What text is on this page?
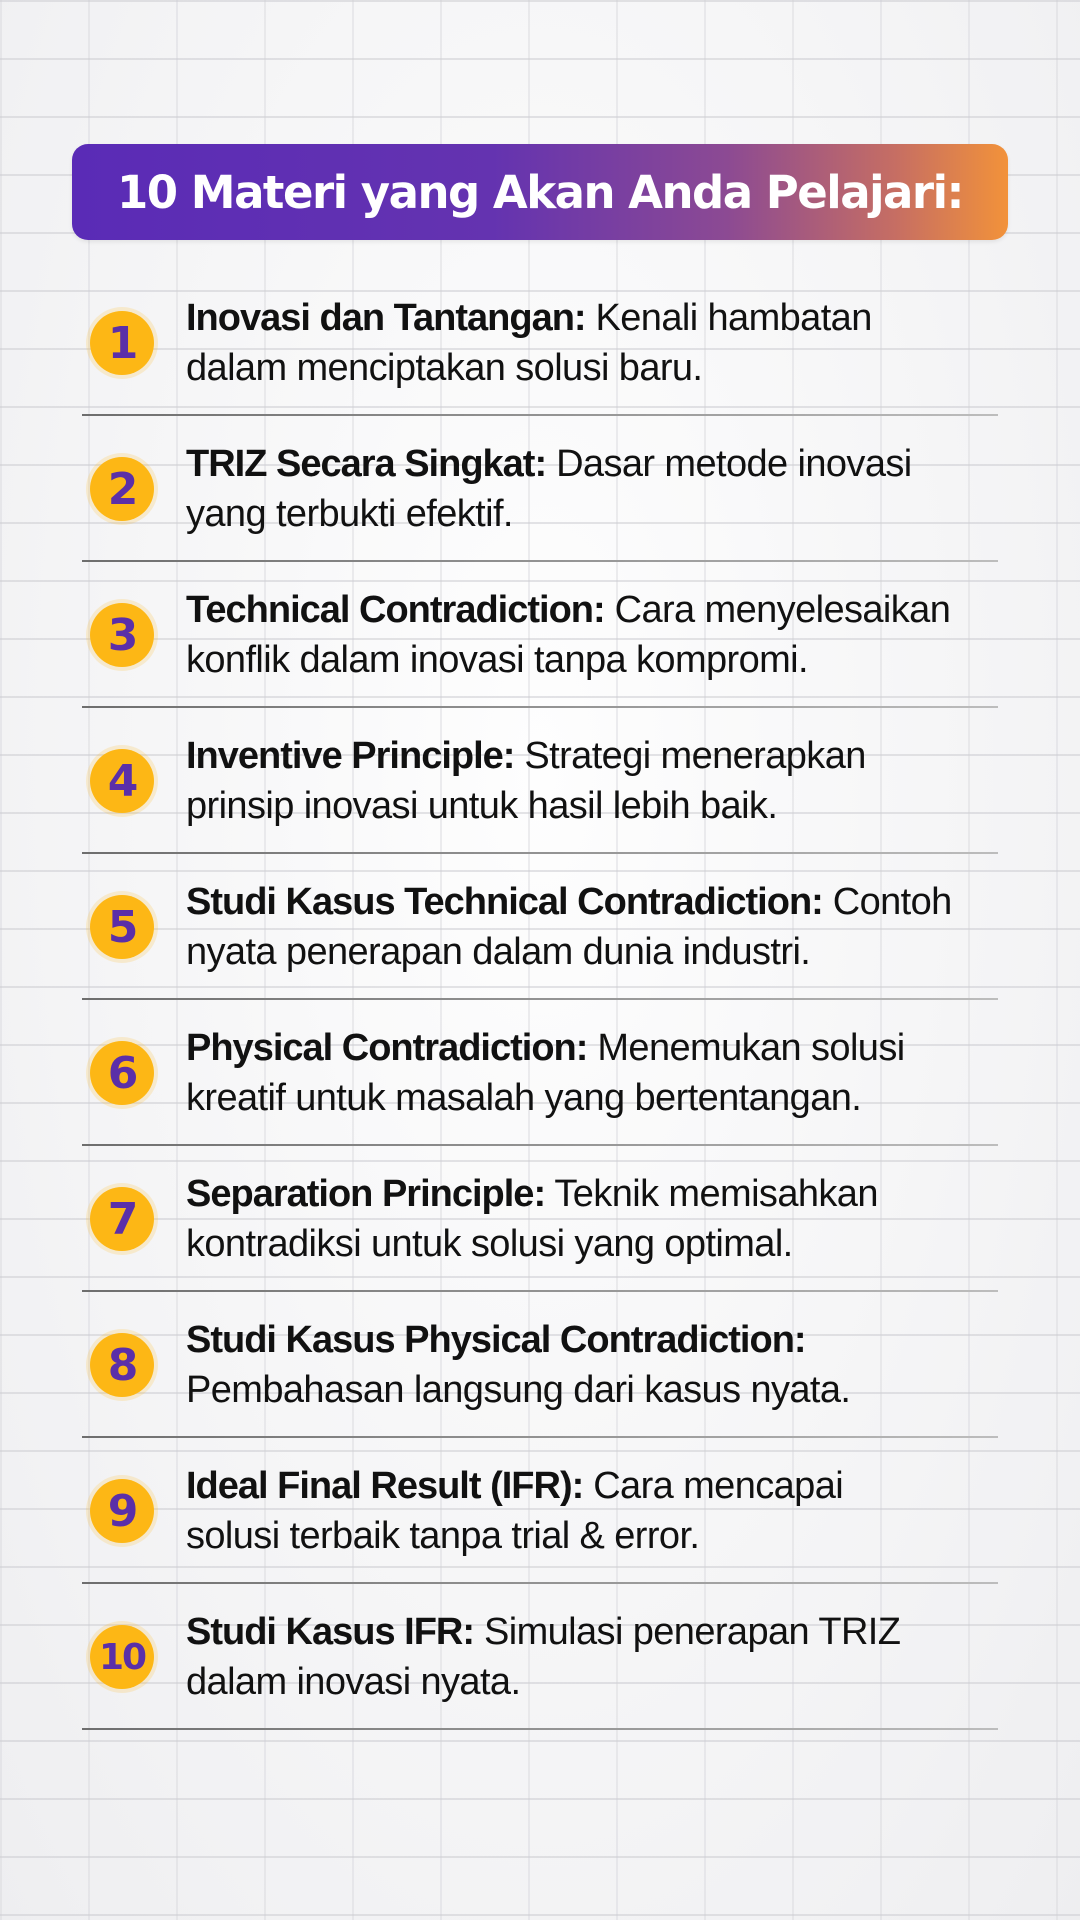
10 Materi yang Akan Anda Pelajari:
1	Inovasi dan Tantangan: Kenali hambatan
dalam menciptakan solusi baru.
2	TRIZ Secara Singkat: Dasar metode inovasi
yang terbukti efektif.
3	Technical Contradiction: Cara menyelesaikan
konflik dalam inovasi tanpa kompromi.
4	Inventive Principle: Strategi menerapkan
prinsip inovasi untuk hasil lebih baik.
5	Studi Kasus Technical Contradiction: Contoh
nyata penerapan dalam dunia industri.
6	Physical Contradiction: Menemukan solusi
kreatif untuk masalah yang bertentangan.
7	Separation Principle: Teknik memisahkan
kontradiksi untuk solusi yang optimal.
8	Studi Kasus Physical Contradiction:
Pembahasan langsung dari kasus nyata.
9	Ideal Final Result (IFR): Cara mencapai
solusi terbaik tanpa trial & error.
10
Studi Kasus IFR: Simulasi penerapan TRIZ
dalam inovasi nyata.
